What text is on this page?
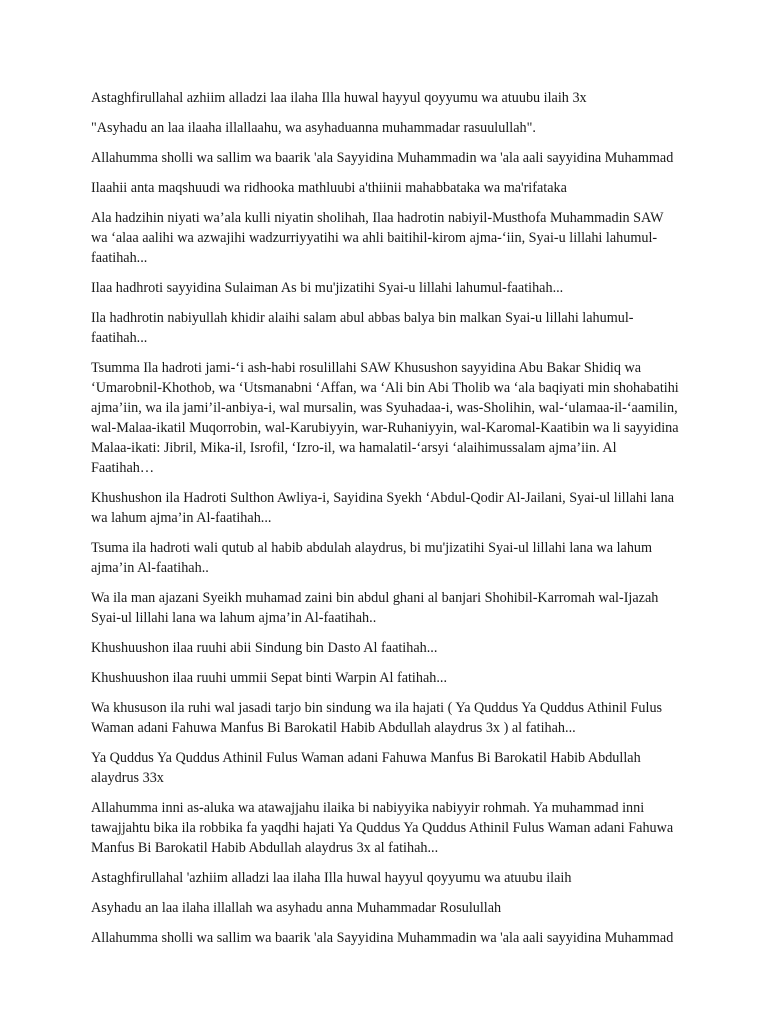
Astaghfirullahal azhiim alladzi laa ilaha Illa huwal hayyul qoyyumu wa atuubu ilaih 3x

"Asyhadu an laa ilaaha illallaahu, wa asyhaduanna muhammadar rasuulullah".

Allahumma sholli wa sallim wa baarik 'ala Sayyidina Muhammadin wa 'ala aali sayyidina Muhammad

Ilaahii anta maqshuudi wa ridhooka mathluubi a'thiinii mahabbataka wa ma'rifataka

Ala hadzihin niyati wa’ala kulli niyatin sholihah, Ilaa hadrotin nabiyil-Musthofa Muhammadin SAW wa ‘alaa aalihi wa azwajihi wadzurriyyatihi wa ahli baitihil-kirom ajma-‘iin, Syai-u lillahi lahumul-faatihah...

Ilaa hadhroti sayyidina Sulaiman As bi mu'jizatihi Syai-u lillahi lahumul-faatihah...

Ila hadhrotin nabiyullah khidir alaihi salam abul abbas balya bin malkan Syai-u lillahi lahumul-faatihah...

Tsumma Ila hadroti jami-‘i ash-habi rosulillahi SAW Khusushon sayyidina Abu Bakar Shidiq wa ‘Umarobnil-Khothob, wa ‘Utsmanabni ‘Affan, wa ‘Ali bin Abi Tholib wa ‘ala baqiyati min shohabatihi ajma’iin, wa ila jami’il-anbiya-i, wal mursalin, was Syuhadaa-i, was-Sholihin, wal-‘ulamaa-il-‘aamilin, wal-Malaa-ikatil Muqorrobin, wal-Karubiyyin, war-Ruhaniyyin, wal-Karomal-Kaatibin wa li sayyidina Malaa-ikati: Jibril, Mika-il, Isrofil, ‘Izro-il, wa hamalatil-‘arsyi ‘alaihimussalam ajma’iin. Al Faatihah…

Khushushon ila Hadroti Sulthon Awliya-i, Sayidina Syekh ‘Abdul-Qodir Al-Jailani, Syai-ul lillahi lana wa lahum ajma’in Al-faatihah...

Tsuma ila hadroti wali qutub al habib abdulah alaydrus, bi mu'jizatihi Syai-ul lillahi lana wa lahum ajma’in Al-faatihah..

Wa ila man ajazani Syeikh muhamad zaini bin abdul ghani al banjari Shohibil-Karromah wal-Ijazah Syai-ul lillahi lana wa lahum ajma’in Al-faatihah..

Khushuushon ilaa ruuhi abii Sindung bin Dasto Al faatihah...

Khushuushon ilaa ruuhi ummii Sepat binti Warpin Al fatihah...

Wa khususon ila ruhi wal jasadi tarjo bin sindung wa ila hajati ( Ya Quddus Ya Quddus Athinil Fulus Waman adani Fahuwa Manfus Bi Barokatil Habib Abdullah alaydrus 3x ) al fatihah...

Ya Quddus Ya Quddus Athinil Fulus Waman adani Fahuwa Manfus Bi Barokatil Habib Abdullah alaydrus 33x

Allahumma inni as-aluka wa atawajjahu ilaika bi nabiyyika nabiyyir rohmah. Ya muhammad inni tawajjahtu bika ila robbika fa yaqdhi hajati Ya Quddus Ya Quddus Athinil Fulus Waman adani Fahuwa Manfus Bi Barokatil Habib Abdullah alaydrus 3x al fatihah...

Astaghfirullahal 'azhiim alladzi laa ilaha Illa huwal hayyul qoyyumu wa atuubu ilaih

Asyhadu an laa ilaha illallah wa asyhadu anna Muhammadar Rosulullah

Allahumma sholli wa sallim wa baarik 'ala Sayyidina Muhammadin wa 'ala aali sayyidina Muhammad
